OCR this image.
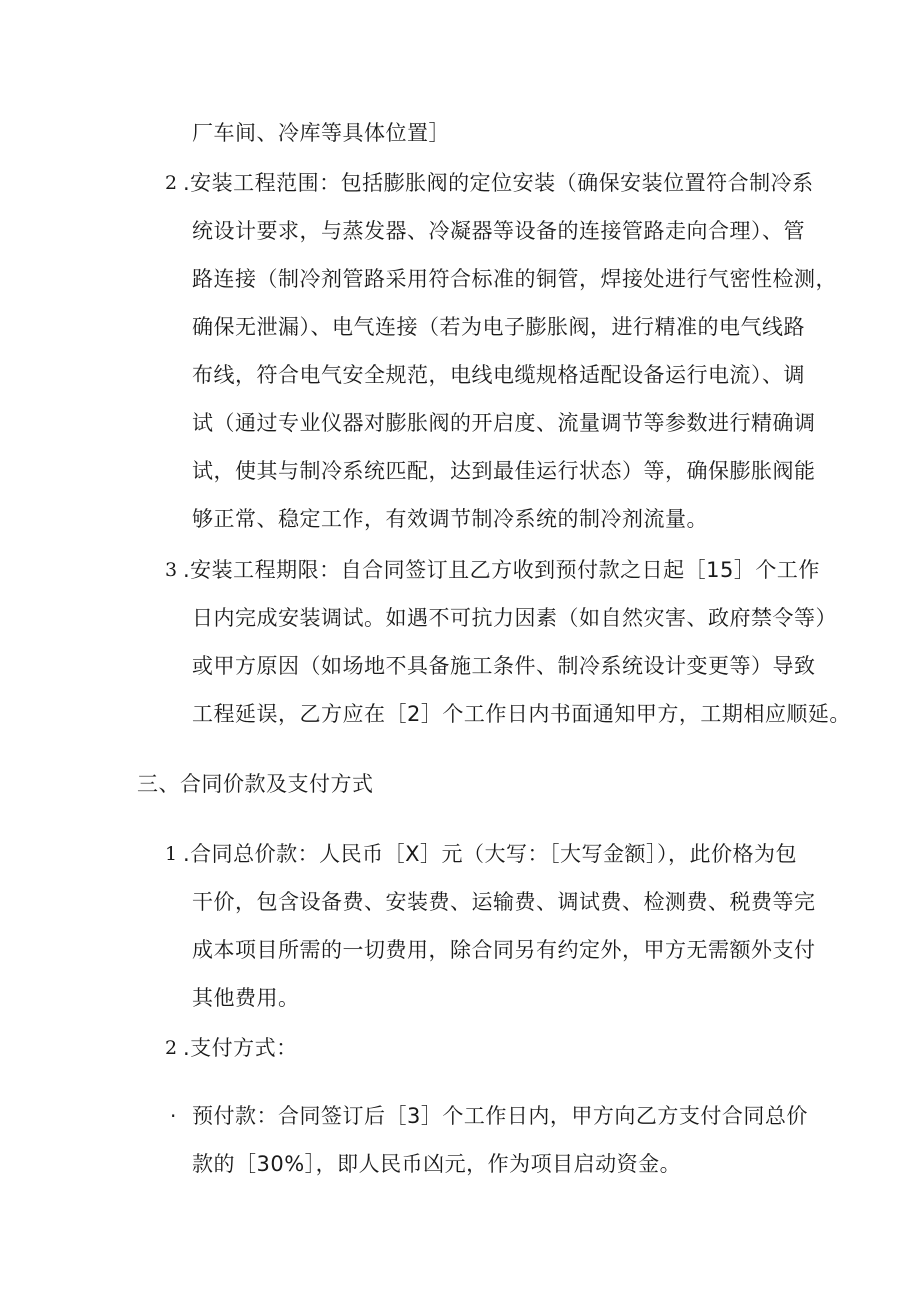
厂车间、冷库等具体位置］
2 .安装工程范围：包括膨胀阀的定位安装（确保安装位置符合制冷系
统设计要求，与蒸发器、冷凝器等设备的连接管路走向合理）、管
路连接（制冷剂管路采用符合标准的铜管，焊接处进行气密性检测，
确保无泄漏）、电气连接（若为电子膨胀阀，进行精准的电气线路
布线，符合电气安全规范，电线电缆规格适配设备运行电流）、调
试（通过专业仪器对膨胀阀的开启度、流量调节等参数进行精确调
试，使其与制冷系统匹配，达到最佳运行状态）等，确保膨胀阀能
够正常、稳定工作，有效调节制冷系统的制冷剂流量。
3 .安装工程期限：自合同签订且乙方收到预付款之日起［15］个工作
日内完成安装调试。如遇不可抗力因素（如自然灾害、政府禁令等）
或甲方原因（如场地不具备施工条件、制冷系统设计变更等）导致
工程延误，乙方应在［2］个工作日内书面通知甲方，工期相应顺延。
三、合同价款及支付方式
1 .合同总价款：人民币［X］元（大写：［大写金额］），此价格为包
干价，包含设备费、安装费、运输费、调试费、检测费、税费等完
成本项目所需的一切费用，除合同另有约定外，甲方无需额外支付
其他费用。
2 .支付方式：
· 预付款：合同签订后［3］个工作日内，甲方向乙方支付合同总价
款的［30%］，即人民币凶元，作为项目启动资金。
